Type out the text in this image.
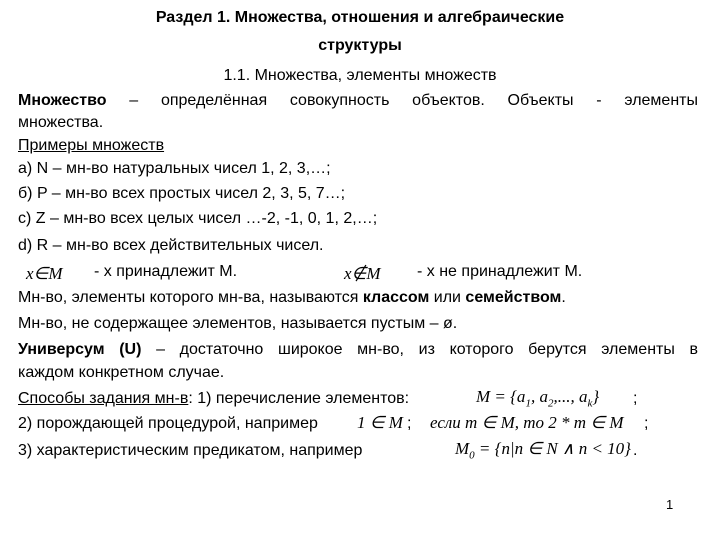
Раздел 1. Множества, отношения и алгебраические
структуры
1.1. Множества, элементы множеств
Множество – определённая совокупность объектов. Объекты - элементы
множества.
Примеры множеств
а) N – мн-во натуральных чисел 1, 2, 3,…;
б) P – мн-во всех простых чисел 2, 3, 5, 7…;
c) Z – мн-во всех целых чисел …-2, -1, 0, 1, 2,…;
d) R – мн-во всех действительных чисел.
x∈M - x принадлежит M.	x∉M - x не принадлежит M.
Мн-во, элементы которого мн-ва, называются классом или семейством.
Мн-во, не содержащее элементов, называется пустым – ø.
Универсум (U) – достаточно широкое мн-во, из которого берутся элементы в
каждом конкретном случае.
Способы задания мн-в: 1) перечисление элементов:	$M = \{a_1$, $a_2$,..., $a_k$} ;
2) порождающей процедурой, например 1 ∈ M ; если m ∈ M, то 2 * m ∈ M ;
3) характеристическим предикатом, например	$M_0 = \{n|n$ ∈ N ∧ n < 10} .
1
